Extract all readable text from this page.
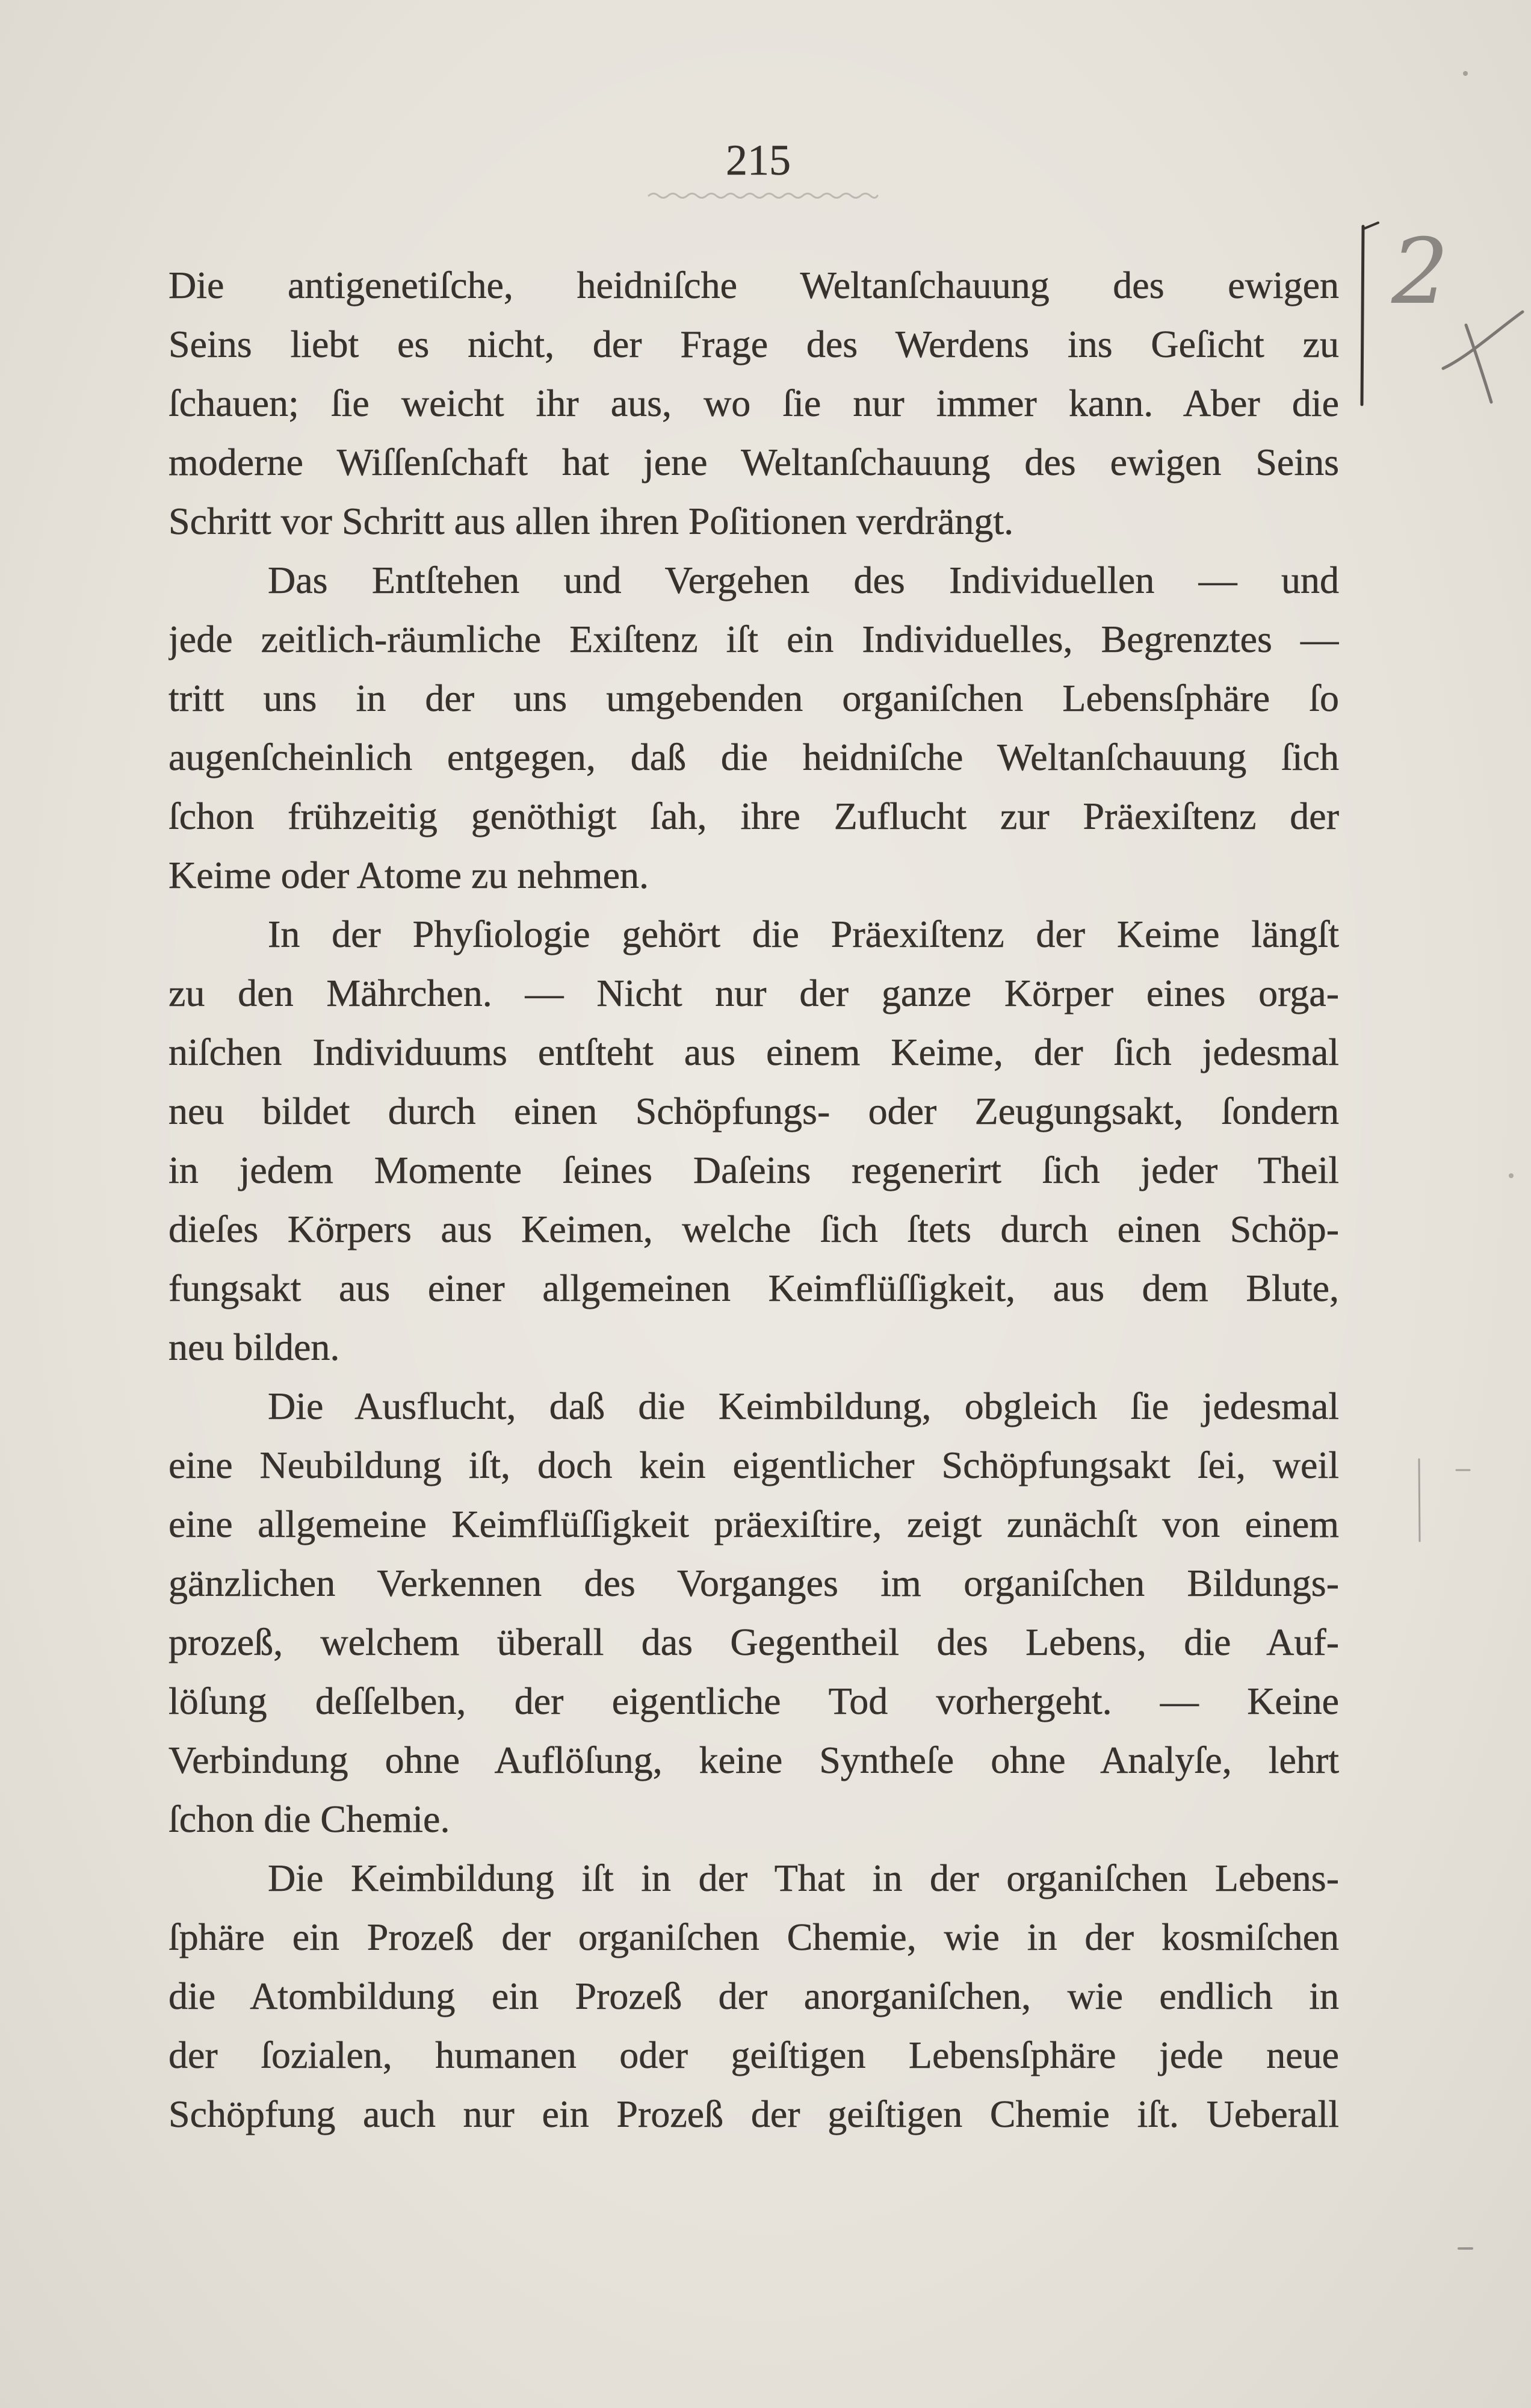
215
Die antigenetiſche, heidniſche Weltanſchauung des ewigen
Seins liebt es nicht, der Frage des Werdens ins Geſicht zu
ſchauen; ſie weicht ihr aus, wo ſie nur immer kann. Aber die
moderne Wiſſenſchaft hat jene Weltanſchauung des ewigen Seins
Schritt vor Schritt aus allen ihren Poſitionen verdrängt.
Das Entſtehen und Vergehen des Individuellen — und
jede zeitlich-räumliche Exiſtenz iſt ein Individuelles, Begrenztes —
tritt uns in der uns umgebenden organiſchen Lebensſphäre ſo
augenſcheinlich entgegen, daß die heidniſche Weltanſchauung ſich
ſchon frühzeitig genöthigt ſah, ihre Zuflucht zur Präexiſtenz der
Keime oder Atome zu nehmen.
In der Phyſiologie gehört die Präexiſtenz der Keime längſt
zu den Mährchen. — Nicht nur der ganze Körper eines orga-
niſchen Individuums entſteht aus einem Keime, der ſich jedesmal
neu bildet durch einen Schöpfungs- oder Zeugungsakt, ſondern
in jedem Momente ſeines Daſeins regenerirt ſich jeder Theil
dieſes Körpers aus Keimen, welche ſich ſtets durch einen Schöp-
fungsakt aus einer allgemeinen Keimflüſſigkeit, aus dem Blute,
neu bilden.
Die Ausflucht, daß die Keimbildung, obgleich ſie jedesmal
eine Neubildung iſt, doch kein eigentlicher Schöpfungsakt ſei, weil
eine allgemeine Keimflüſſigkeit präexiſtire, zeigt zunächſt von einem
gänzlichen Verkennen des Vorganges im organiſchen Bildungs-
prozeß, welchem überall das Gegentheil des Lebens, die Auf-
löſung deſſelben, der eigentliche Tod vorhergeht. — Keine
Verbindung ohne Auflöſung, keine Syntheſe ohne Analyſe, lehrt
ſchon die Chemie.
Die Keimbildung iſt in der That in der organiſchen Lebens-
ſphäre ein Prozeß der organiſchen Chemie, wie in der kosmiſchen
die Atombildung ein Prozeß der anorganiſchen, wie endlich in
der ſozialen, humanen oder geiſtigen Lebensſphäre jede neue
Schöpfung auch nur ein Prozeß der geiſtigen Chemie iſt. Ueberall
2
